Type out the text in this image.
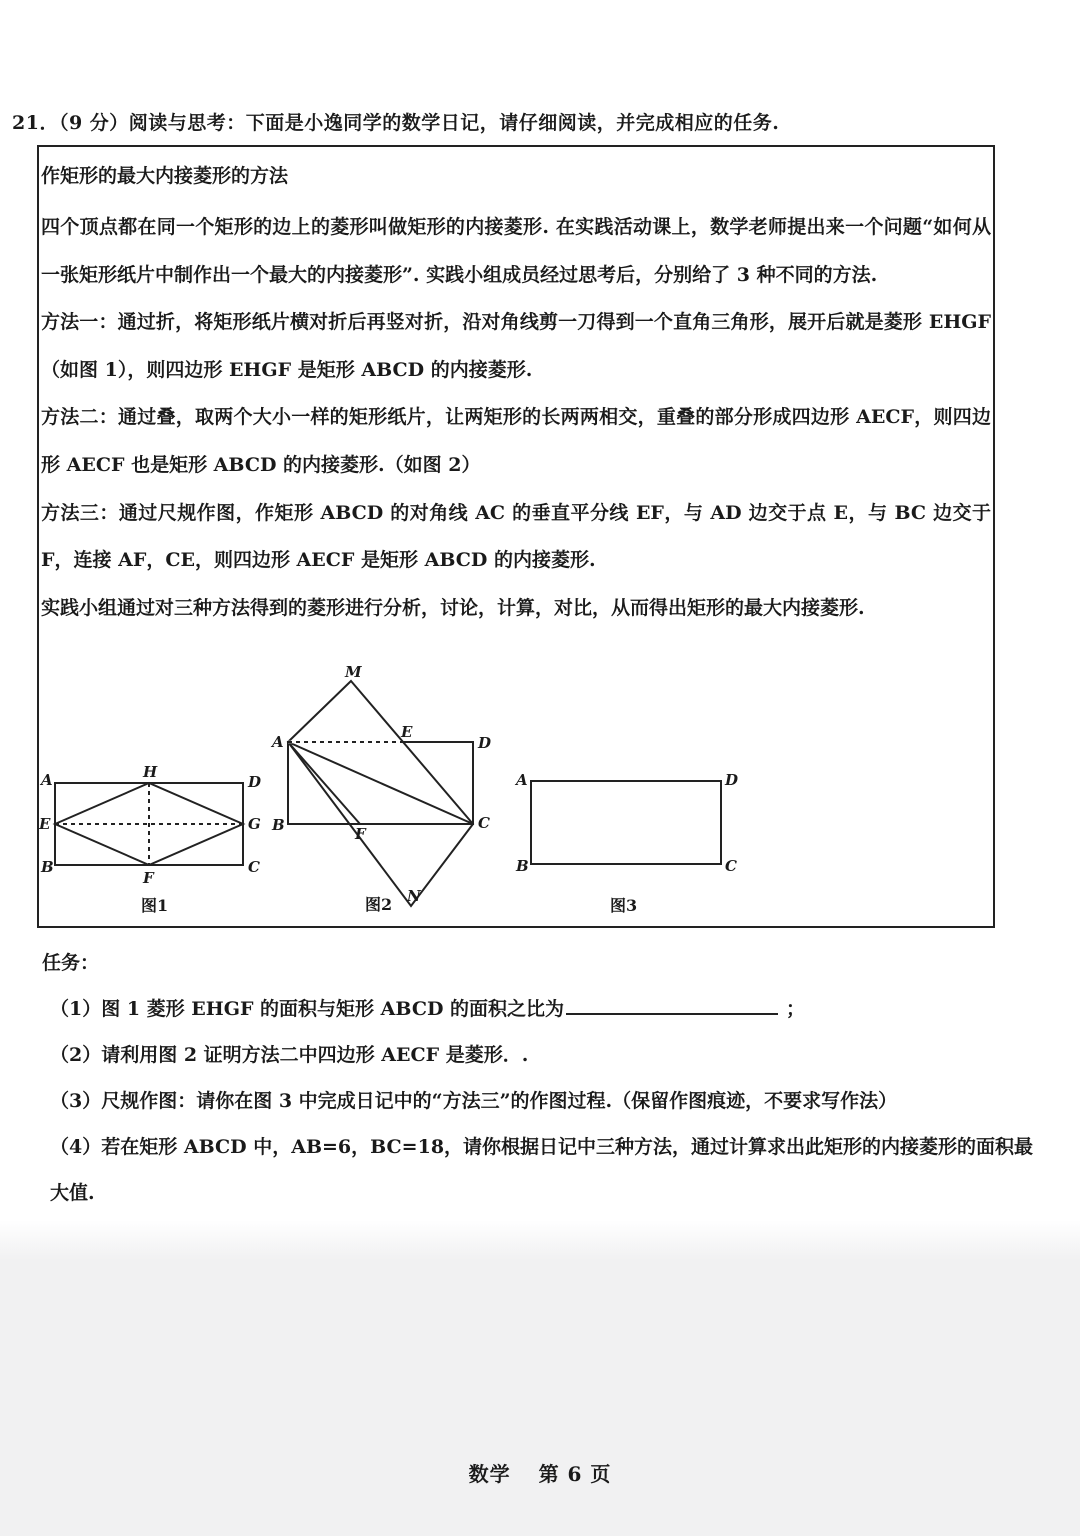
21．（9 分）阅读与思考：下面是小逸同学的数学日记，请仔细阅读，并完成相应的任务.
作矩形的最大内接菱形的方法

四个顶点都在同一个矩形的边上的菱形叫做矩形的内接菱形. 在实践活动课上，数学老师提出来一个问题“如何从一张矩形纸片中制作出一个最大的内接菱形”. 实践小组成员经过思考后，分别给了 3 种不同的方法.

方法一：通过折，将矩形纸片横对折后再竖对折，沿对角线剪一刀得到一个直角三角形，展开后就是菱形 EHGF（如图 1），则四边形 EHGF 是矩形 ABCD 的内接菱形.

方法二：通过叠，取两个大小一样的矩形纸片，让两矩形的长两两相交，重叠的部分形成四边形 AECF，则四边形 AECF 也是矩形 ABCD 的内接菱形.（如图 2）

方法三：通过尺规作图，作矩形 ABCD 的对角线 AC 的垂直平分线 EF，与 AD 边交于点 E，与 BC 边交于 F，连接 AF，CE，则四边形 AECF 是矩形 ABCD 的内接菱形.

实践小组通过对三种方法得到的菱形进行分析，讨论，计算，对比，从而得出矩形的最大内接菱形.

A	H
D
E	G
B
F
C
图1
M
A
E
D
B	F
C
N
图2
A	D
B	C
图3

任务：

（1）图 1 菱形 EHGF 的面积与矩形 ABCD 的面积之比为	；

（2）请利用图 2 证明方法二中四边形 AECF 是菱形．.

（3）尺规作图：请你在图 3 中完成日记中的“方法三”的作图过程.（保留作图痕迹，不要求写作法）

（4）若在矩形 ABCD 中，AB=6，BC=18，请你根据日记中三种方法，通过计算求出此矩形的内接菱形的面积最大值.

数学 第 6 页
